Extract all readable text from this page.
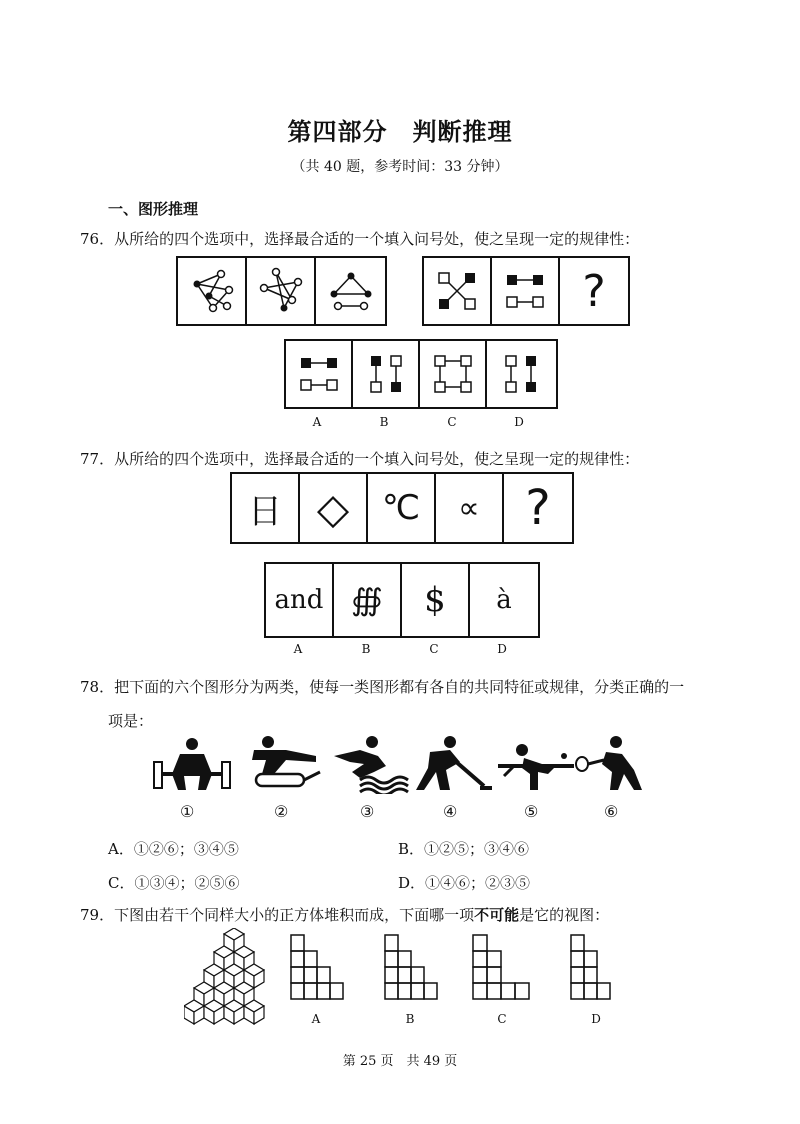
第四部分　判断推理
（共 40 题，参考时间：33 分钟）
一、图形推理
76．从所给的四个选项中，选择最合适的一个填入问号处，使之呈现一定的规律性：
?
A	B	C	D
77．从所给的四个选项中，选择最合适的一个填入问号处，使之呈现一定的规律性：
日 ◇ ℃	∝ ?
and ∰	$	à
A	B	C	D
78．把下面的六个图形分为两类，使每一类图形都有各自的共同特征或规律，分类正确的一
项是：
①	②	③	④	⑤	⑥
A．①②⑥；③④⑤	B．①②⑤；③④⑥
C．①③④；②⑤⑥	D．①④⑥；②③⑤
79．下图由若干个同样大小的正方体堆积而成，下面哪一项不可能是它的视图：
A	B	C	D
第 25 页　共 49 页
